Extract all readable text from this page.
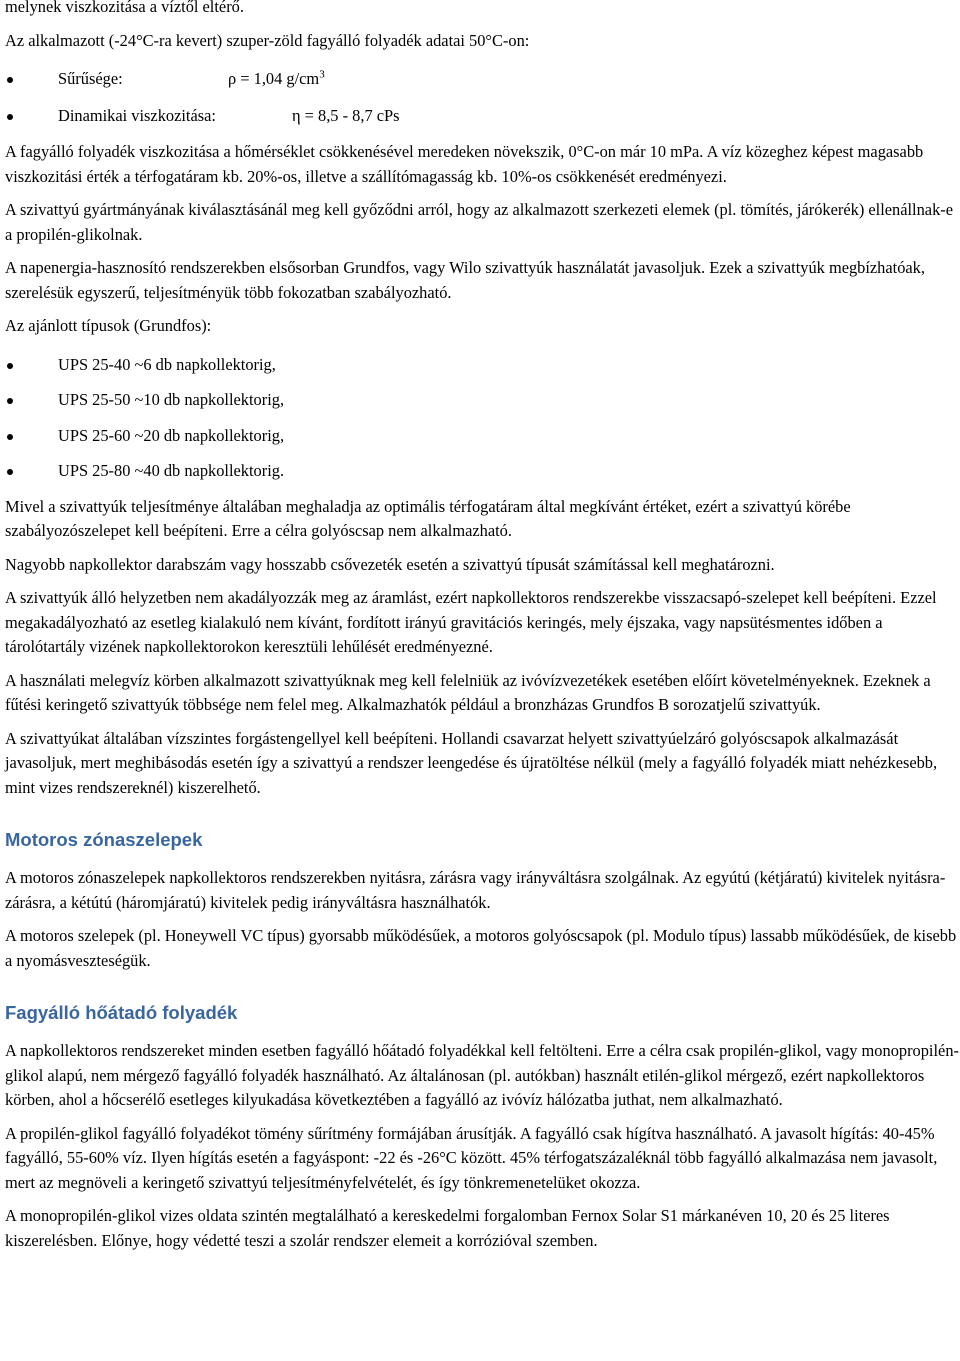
melynek viszkozitása a víztől eltérő.

Az alkalmazott (-24°C-ra kevert) szuper-zöld fagyálló folyadék adatai 50°C-on:

Sűrűsége:	ρ = 1,04 $g/cm^3$
Dinamikai viszkozitása:	η = 8,5 - 8,7 cPs

A fagyálló folyadék viszkozitása a hőmérséklet csökkenésével meredeken növekszik, 0°C-on már 10 mPa. A víz közeghez képest magasabb viszkozitási érték a térfogatáram kb. 20%-os, illetve a szállítómagasság kb. 10%-os csökkenését eredményezi.

A szivattyú gyártmányának kiválasztásánál meg kell győződni arról, hogy az alkalmazott szerkezeti elemek (pl. tömítés, járókerék) ellenállnak-e a propilén-glikolnak.

A napenergia-hasznosító rendszerekben elsősorban Grundfos, vagy Wilo szivattyúk használatát javasoljuk. Ezek a szivattyúk megbízhatóak, szerelésük egyszerű, teljesítményük több fokozatban szabályozható.

Az ajánlott típusok (Grundfos):

UPS 25-40 ~6 db napkollektorig,
UPS 25-50 ~10 db napkollektorig,
UPS 25-60 ~20 db napkollektorig,
UPS 25-80 ~40 db napkollektorig.

Mivel a szivattyúk teljesítménye általában meghaladja az optimális térfogatáram által megkívánt értéket, ezért a szivattyú körébe szabályozószelepet kell beépíteni. Erre a célra golyóscsap nem alkalmazható.

Nagyobb napkollektor darabszám vagy hosszabb csővezeték esetén a szivattyú típusát számítással kell meghatározni.

A szivattyúk álló helyzetben nem akadályozzák meg az áramlást, ezért napkollektoros rendszerekbe visszacsapó-szelepet kell beépíteni. Ezzel megakadályozható az esetleg kialakuló nem kívánt, fordított irányú gravitációs keringés, mely éjszaka, vagy napsütésmentes időben a tárolótartály vizének napkollektorokon keresztüli lehűlését eredményezné.

A használati melegvíz körben alkalmazott szivattyúknak meg kell felelniük az ivóvízvezetékek esetében előírt követelményeknek. Ezeknek a fűtési keringető szivattyúk többsége nem felel meg. Alkalmazhatók például a bronzházas Grundfos B sorozatjelű szivattyúk.

A szivattyúkat általában vízszintes forgástengellyel kell beépíteni. Hollandi csavarzat helyett szivattyúelzáró golyóscsapok alkalmazását javasoljuk, mert meghibásodás esetén így a szivattyú a rendszer leengedése és újratöltése nélkül (mely a fagyálló folyadék miatt nehézkesebb, mint vizes rendszereknél) kiszerelhető.

Motoros zónaszelepek

A motoros zónaszelepek napkollektoros rendszerekben nyitásra, zárásra vagy irányváltásra szolgálnak. Az egyútú (kétjáratú) kivitelek nyitásra-zárásra, a kétútú (háromjáratú) kivitelek pedig irányváltásra használhatók.

A motoros szelepek (pl. Honeywell VC típus) gyorsabb működésűek, a motoros golyóscsapok (pl. Modulo típus) lassabb működésűek, de kisebb a nyomásveszteségük.

Fagyálló hőátadó folyadék

A napkollektoros rendszereket minden esetben fagyálló hőátadó folyadékkal kell feltölteni. Erre a célra csak propilén-glikol, vagy monopropilén-glikol alapú, nem mérgező fagyálló folyadék használható. Az általánosan (pl. autókban) használt etilén-glikol mérgező, ezért napkollektoros körben, ahol a hőcserélő esetleges kilyukadása következtében a fagyálló az ivóvíz hálózatba juthat, nem alkalmazható.

A propilén-glikol fagyálló folyadékot tömény sűrítmény formájában árusítják. A fagyálló csak hígítva használható. A javasolt hígítás: 40-45% fagyálló, 55-60% víz. Ilyen hígítás esetén a fagyáspont: -22 és -26°C között. 45% térfogatszázaléknál több fagyálló alkalmazása nem javasolt, mert az megnöveli a keringető szivattyú teljesítményfelvételét, és így tönkremenetelüket okozza.

A monopropilén-glikol vizes oldata szintén megtalálható a kereskedelmi forgalomban Fernox Solar S1 márkanéven 10, 20 és 25 literes kiszerelésben. Előnye, hogy védetté teszi a szolár rendszer elemeit a korrózióval szemben.
